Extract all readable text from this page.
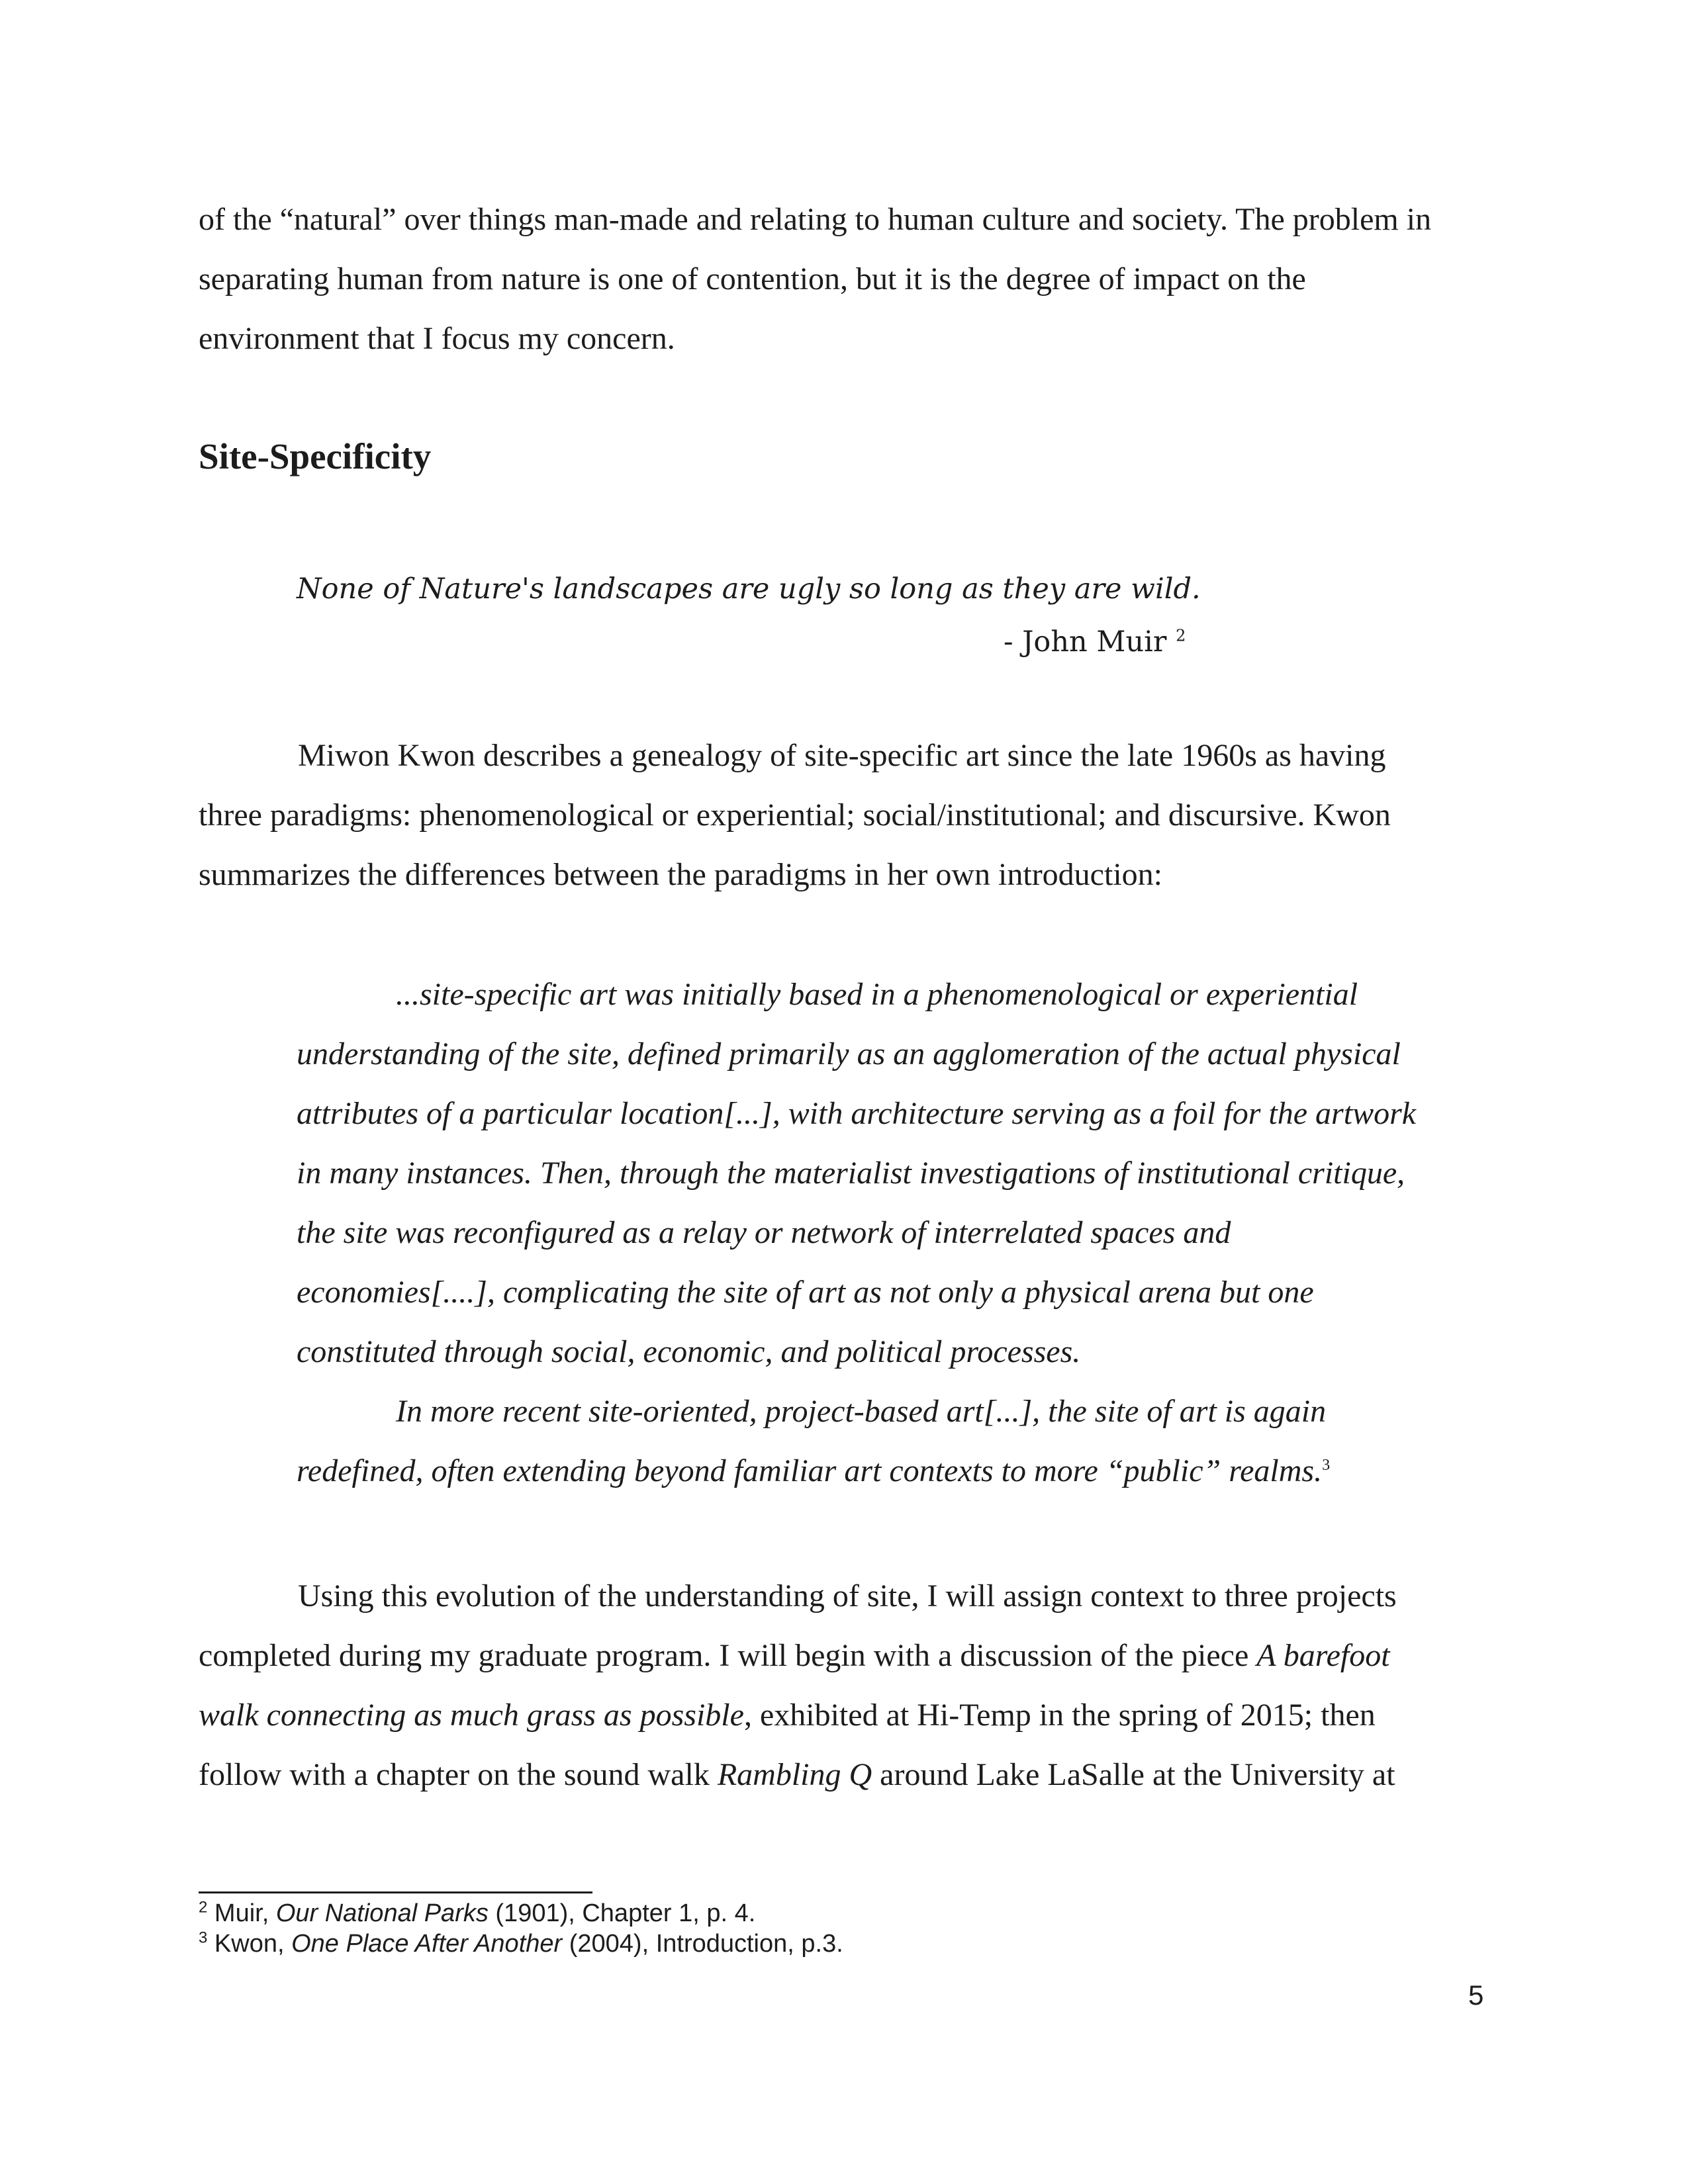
of the “natural” over things man-made and relating to human culture and society. The problem in
separating human from nature is one of contention, but it is the degree of impact on the
environment that I focus my concern.
Site-Specificity
None of Nature's landscapes are ugly so long as they are wild.
- John Muir $^2$
Miwon Kwon describes a genealogy of site-specific art since the late 1960s as having
three paradigms: phenomenological or experiential; social/institutional; and discursive. Kwon
summarizes the differences between the paradigms in her own introduction:

...site-specific art was initially based in a phenomenological or experiential
understanding of the site, defined primarily as an agglomeration of the actual physical
attributes of a particular location[...], with architecture serving as a foil for the artwork
in many instances. Then, through the materialist investigations of institutional critique,
the site was reconfigured as a relay or network of interrelated spaces and
economies[....], complicating the site of art as not only a physical arena but one
constituted through social, economic, and political processes.

In more recent site-oriented, project-based art[...], the site of art is again
redefined, often extending beyond familiar art contexts to more “public” realms.$^3$

Using this evolution of the understanding of site, I will assign context to three projects
completed during my graduate program. I will begin with a discussion of the piece A barefoot
walk connecting as much grass as possible, exhibited at Hi-Temp in the spring of 2015; then
follow with a chapter on the sound walk Rambling Q around Lake LaSalle at the University at

$^2$ Muir, Our National Parks (1901), Chapter 1, p. 4.

$^3$ Kwon, One Place After Another (2004), Introduction, p.3.

5
